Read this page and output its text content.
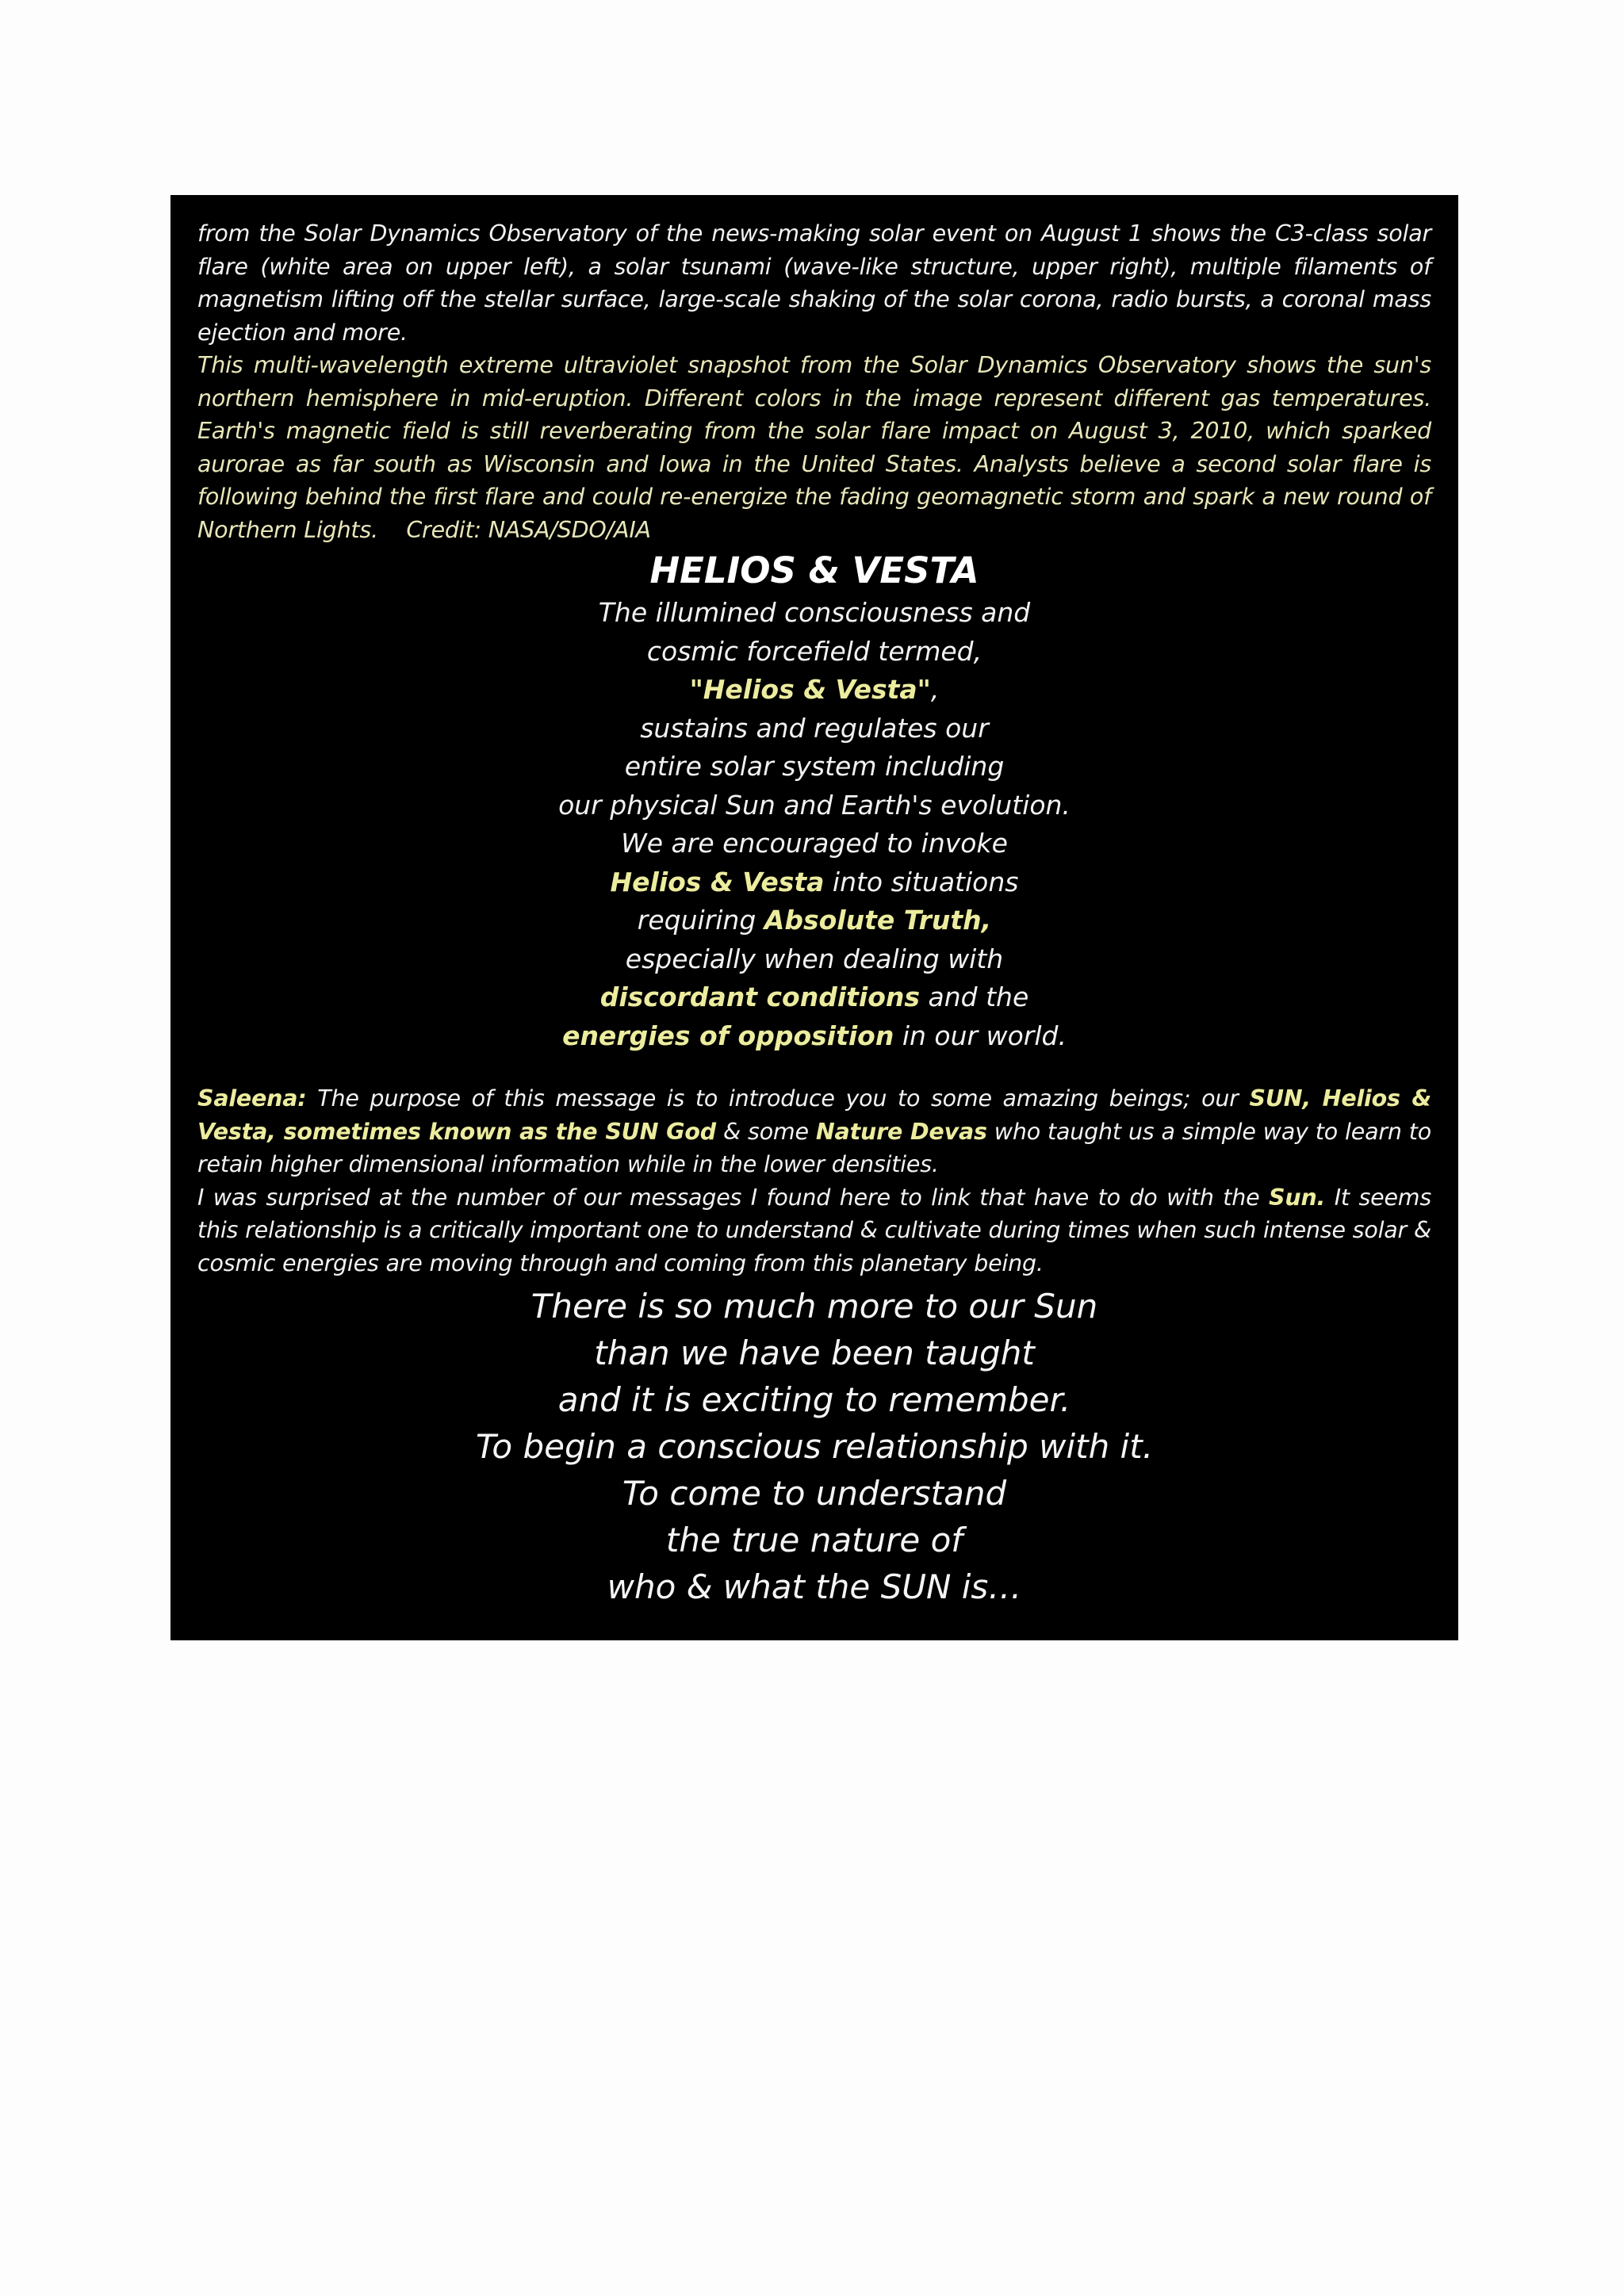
from the Solar Dynamics Observatory of the news-making solar event on August 1 shows the C3-class solar flare (white area on upper left), a solar tsunami (wave-like structure, upper right), multiple filaments of magnetism lifting off the stellar surface, large-scale shaking of the solar corona, radio bursts, a coronal mass ejection and more.

This multi-wavelength extreme ultraviolet snapshot from the Solar Dynamics Observatory shows the sun's northern hemisphere in mid-eruption. Different colors in the image represent different gas temperatures. Earth's magnetic field is still reverberating from the solar flare impact on August 3, 2010, which sparked aurorae as far south as Wisconsin and Iowa in the United States. Analysts believe a second solar flare is following behind the first flare and could re-energize the fading geomagnetic storm and spark a new round of Northern Lights. Credit: NASA/SDO/AIA

HELIOS & VESTA
The illumined consciousness and
cosmic forcefield termed,
"Helios & Vesta",
sustains and regulates our
entire solar system including
our physical Sun and Earth's evolution.
We are encouraged to invoke
Helios & Vesta into situations
requiring Absolute Truth,
especially when dealing with
discordant conditions and the
energies of opposition in our world.

Saleena: The purpose of this message is to introduce you to some amazing beings; our SUN, Helios & Vesta, sometimes known as the SUN God & some Nature Devas who taught us a simple way to learn to retain higher dimensional information while in the lower densities.

I was surprised at the number of our messages I found here to link that have to do with the Sun. It seems this relationship is a critically important one to understand & cultivate during times when such intense solar & cosmic energies are moving through and coming from this planetary being.

There is so much more to our Sun
than we have been taught
and it is exciting to remember.
To begin a conscious relationship with it.
To come to understand
the true nature of
who & what the SUN is…
